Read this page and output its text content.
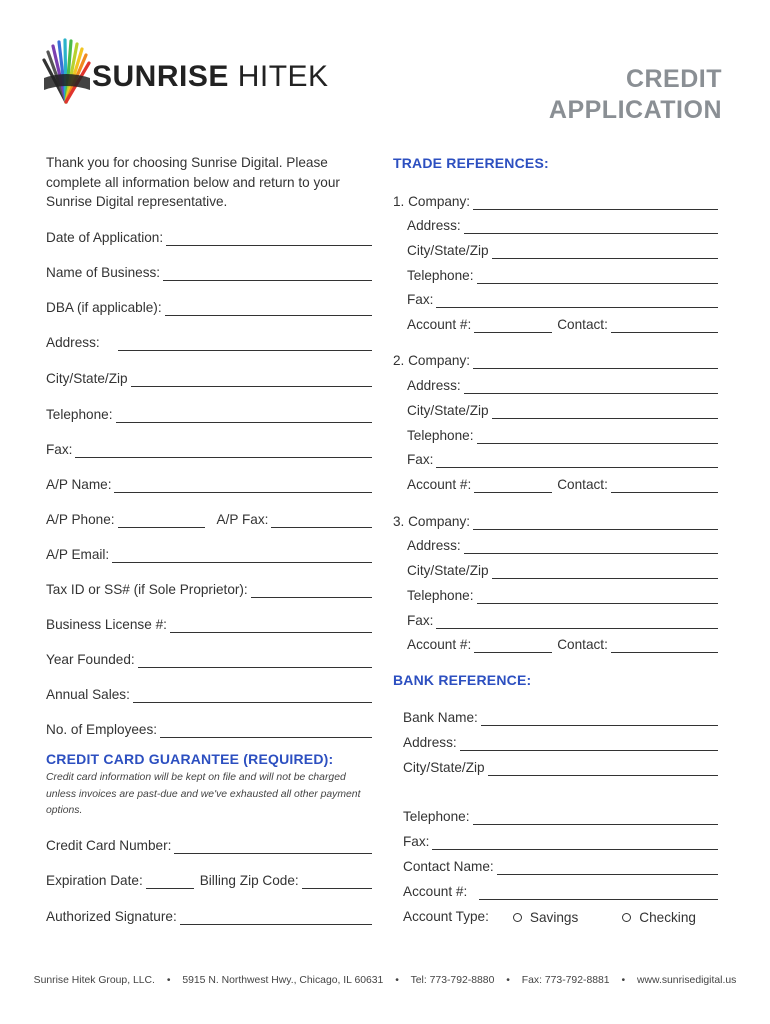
SUNRISE HITEK	CREDIT
APPLICATION
Thank you for choosing Sunrise Digital. Please complete all information below and return to your Sunrise Digital representative.
Date of Application:
Name of Business:
DBA (if applicable):
Address:
City/State/Zip
Telephone:
Fax:
A/P Name:
A/P Phone:	A/P Fax:
A/P Email:
Tax ID or SS# (if Sole Proprietor):
Business License #:
Year Founded:
Annual Sales:
No. of Employees:
CREDIT CARD GUARANTEE (REQUIRED):
Credit card information will be kept on file and will not be charged unless invoices are past-due and we've exhausted all other payment options.
Credit Card Number:
Expiration Date:	Billing Zip Code:
Authorized Signature:
TRADE REFERENCES:
1. Company:
Address:
City/State/Zip
Telephone:
Fax:
Account #:	Contact:
2. Company:
Address:
City/State/Zip
Telephone:
Fax:
Account #:	Contact:
3. Company:
Address:
City/State/Zip
Telephone:
Fax:
Account #:	Contact:
BANK REFERENCE:
Bank Name:
Address:
City/State/Zip
Telephone:
Fax:
Contact Name:
Account #:
Account Type:	Savings	Checking
Sunrise Hitek Group, LLC. • 5915 N. Northwest Hwy., Chicago, IL 60631 • Tel: 773-792-8880 • Fax: 773-792-8881 • www.sunrisedigital.us
